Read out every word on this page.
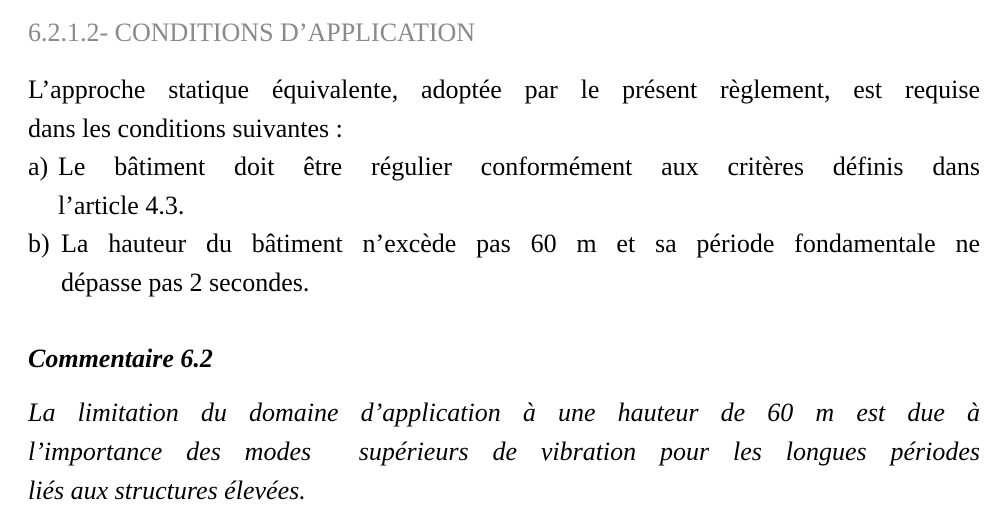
6.2.1.2- CONDITIONS D’APPLICATION
L’approche statique équivalente, adoptée par le présent règlement, est requise
dans les conditions suivantes :
a) Le bâtiment doit être régulier conformément aux critères définis dans
l’article 4.3.
b) La hauteur du bâtiment n’excède pas 60 m et sa période fondamentale ne
dépasse pas 2 secondes.
Commentaire 6.2
La limitation du domaine d’application à une hauteur de 60 m est due à
l’importance des modes  supérieurs de vibration pour les longues périodes
liés aux structures élevées.
